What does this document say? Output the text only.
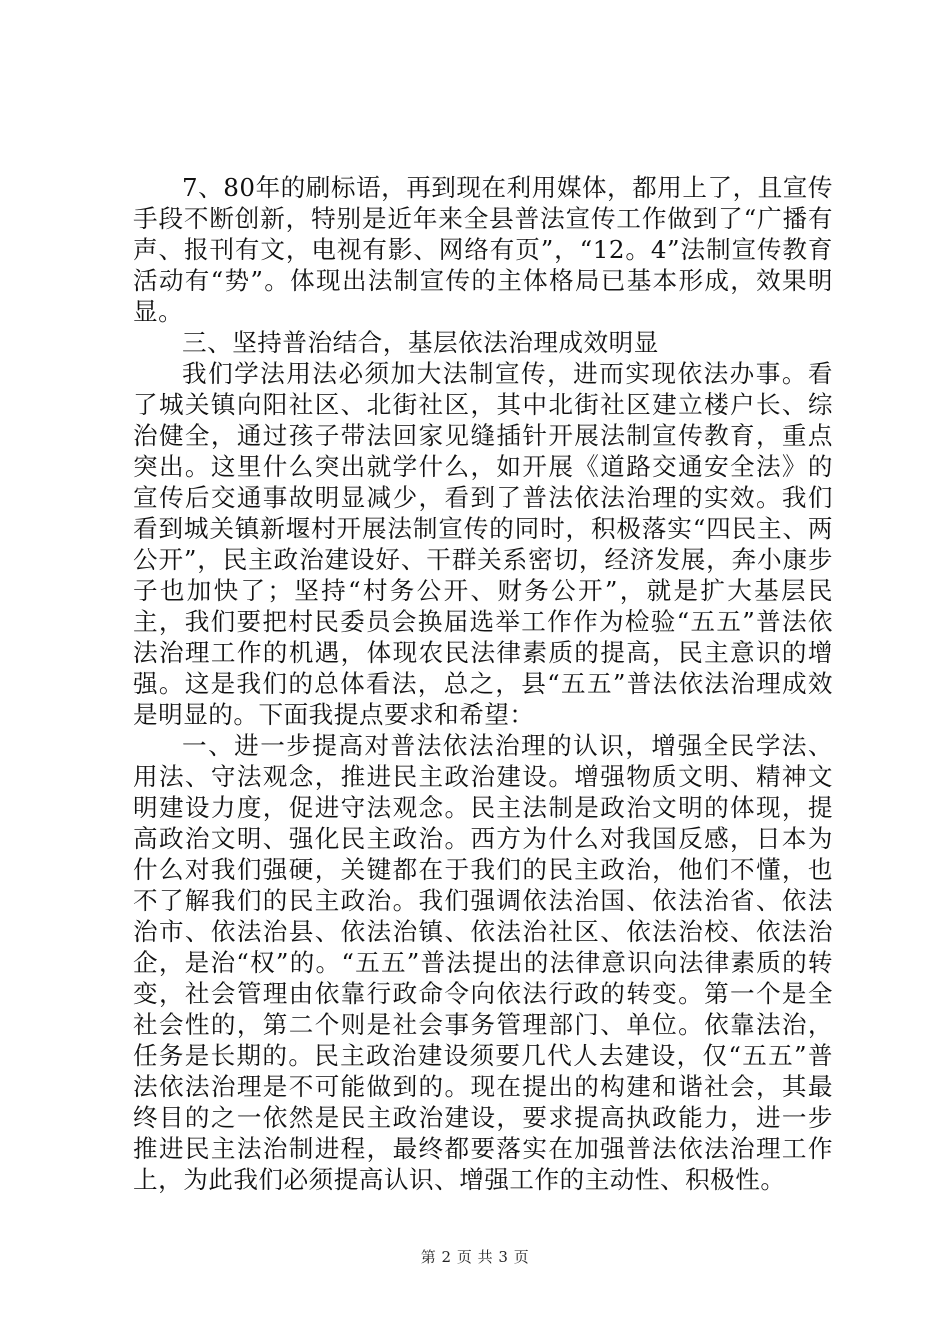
7、80年的刷标语，再到现在利用媒体，都用上了，且宣传手段不断创新，特别是近年来全县普法宣传工作做到了“广播有声、报刊有文，电视有影、网络有页”，“12。4”法制宣传教育活动有“势”。体现出法制宣传的主体格局已基本形成，效果明显。

三、坚持普治结合，基层依法治理成效明显

我们学法用法必须加大法制宣传，进而实现依法办事。看了城关镇向阳社区、北街社区，其中北街社区建立楼户长、综治健全，通过孩子带法回家见缝插针开展法制宣传教育，重点突出。这里什么突出就学什么，如开展《道路交通安全法》的宣传后交通事故明显减少，看到了普法依法治理的实效。我们看到城关镇新堰村开展法制宣传的同时，积极落实“四民主、两公开”，民主政治建设好、干群关系密切，经济发展，奔小康步子也加快了；坚持“村务公开、财务公开”，就是扩大基层民主，我们要把村民委员会换届选举工作作为检验“五五”普法依法治理工作的机遇，体现农民法律素质的提高，民主意识的增强。这是我们的总体看法，总之，县“五五”普法依法治理成效是明显的。下面我提点要求和希望：

一、进一步提高对普法依法治理的认识，增强全民学法、用法、守法观念，推进民主政治建设。增强物质文明、精神文明建设力度，促进守法观念。民主法制是政治文明的体现，提高政治文明、强化民主政治。西方为什么对我国反感，日本为什么对我们强硬，关键都在于我们的民主政治，他们不懂，也不了解我们的民主政治。我们强调依法治国、依法治省、依法治市、依法治县、依法治镇、依法治社区、依法治校、依法治企，是治“权”的。“五五”普法提出的法律意识向法律素质的转变，社会管理由依靠行政命令向依法行政的转变。第一个是全社会性的，第二个则是社会事务管理部门、单位。依靠法治，任务是长期的。民主政治建设须要几代人去建设，仅“五五”普法依法治理是不可能做到的。现在提出的构建和谐社会，其最终目的之一依然是民主政治建设，要求提高执政能力，进一步推进民主法治制进程，最终都要落实在加强普法依法治理工作上，为此我们必须提高认识、增强工作的主动性、积极性。

第 2 页 共 3 页
